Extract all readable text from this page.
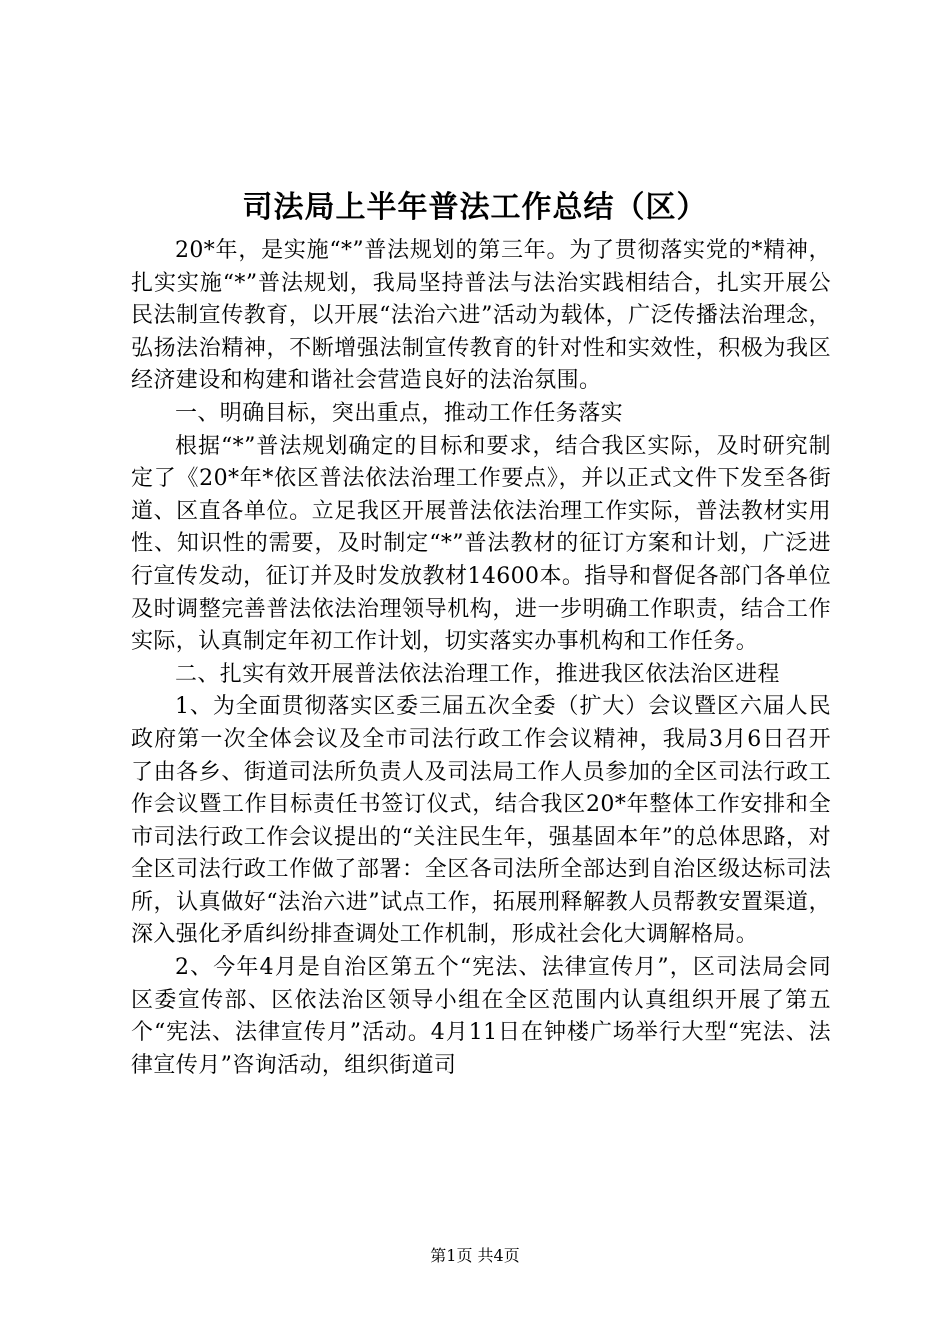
司法局上半年普法工作总结（区）

20*年，是实施“*”普法规划的第三年。为了贯彻落实党的*精神，扎实实施“*”普法规划，我局坚持普法与法治实践相结合，扎实开展公民法制宣传教育，以开展“法治六进”活动为载体，广泛传播法治理念，弘扬法治精神，不断增强法制宣传教育的针对性和实效性，积极为我区经济建设和构建和谐社会营造良好的法治氛围。

一、明确目标，突出重点，推动工作任务落实

根据“*”普法规划确定的目标和要求，结合我区实际，及时研究制定了《20*年*依区普法依法治理工作要点》，并以正式文件下发至各街道、区直各单位。立足我区开展普法依法治理工作实际，普法教材实用性、知识性的需要，及时制定“*”普法教材的征订方案和计划，广泛进行宣传发动，征订并及时发放教材14600本。指导和督促各部门各单位及时调整完善普法依法治理领导机构，进一步明确工作职责，结合工作实际，认真制定年初工作计划，切实落实办事机构和工作任务。

二、扎实有效开展普法依法治理工作，推进我区依法治区进程

1、为全面贯彻落实区委三届五次全委（扩大）会议暨区六届人民政府第一次全体会议及全市司法行政工作会议精神，我局3月6日召开了由各乡、街道司法所负责人及司法局工作人员参加的全区司法行政工作会议暨工作目标责任书签订仪式，结合我区20*年整体工作安排和全市司法行政工作会议提出的“关注民生年，强基固本年”的总体思路，对全区司法行政工作做了部署：全区各司法所全部达到自治区级达标司法所，认真做好“法治六进”试点工作，拓展刑释解教人员帮教安置渠道，深入强化矛盾纠纷排查调处工作机制，形成社会化大调解格局。

2、今年4月是自治区第五个“宪法、法律宣传月”，区司法局会同区委宣传部、区依法治区领导小组在全区范围内认真组织开展了第五个“宪法、法律宣传月”活动。4月11日在钟楼广场举行大型“宪法、法律宣传月”咨询活动，组织街道司

第1页 共4页
